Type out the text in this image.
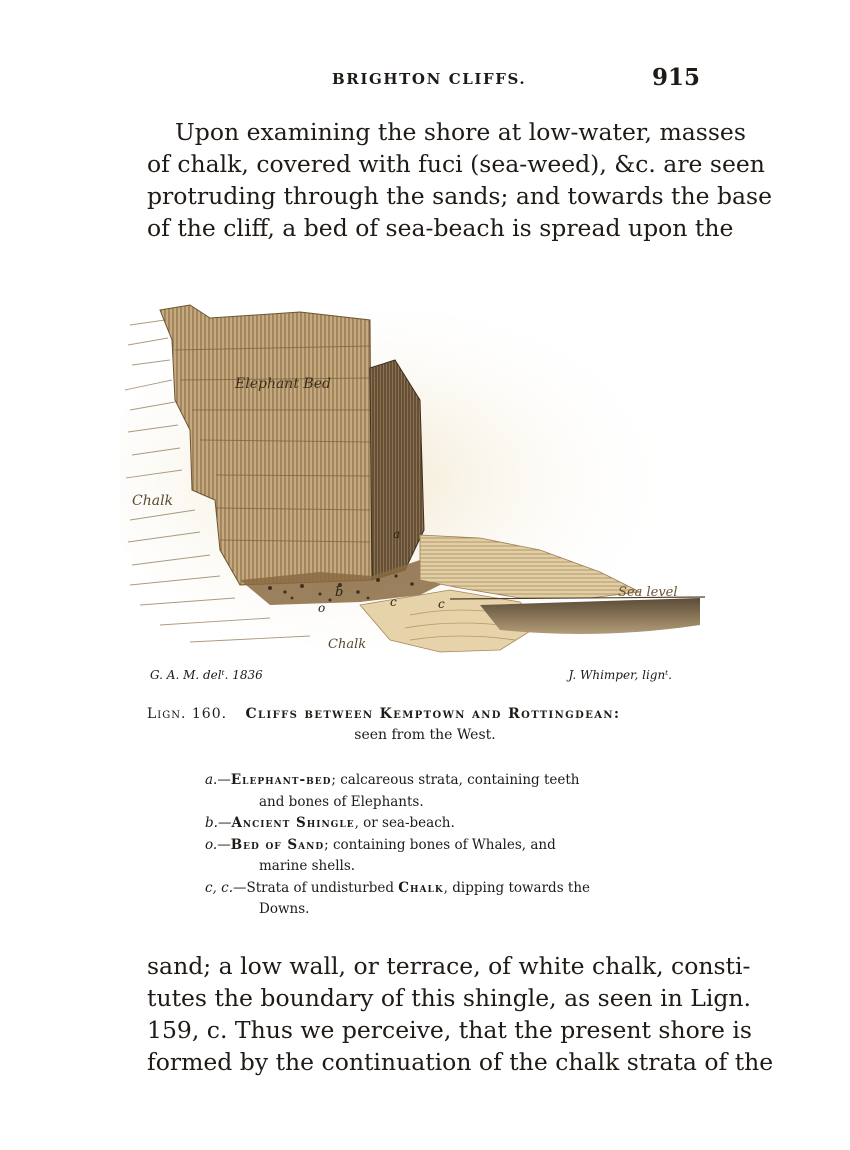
BRIGHTON CLIFFS.	915

Upon examining the shore at low-water, masses
of chalk, covered with fuci (sea-weed), &c. are seen
protruding through the sands; and towards the base
of the cliff, a bed of sea-beach is spread upon the

Elephant Bed
Chalk
Chalk
Sea level
a
b
o	c	c
G. A. M. delᵗ. 1836	J. Whimper, lignᵗ.
Lign. 160. Cliffs between Kemptown and Rottingdean:
seen from the West.
a.—Elephant-bed; calcareous strata, containing teeth
and bones of Elephants.
b.—Ancient Shingle, or sea-beach.
o.—Bed of Sand; containing bones of Whales, and
marine shells.
c, c.—Strata of undisturbed Chalk, dipping towards the
Downs.

sand; a low wall, or terrace, of white chalk, consti-
tutes the boundary of this shingle, as seen in Lign.
159, c. Thus we perceive, that the present shore is
formed by the continuation of the chalk strata of the
